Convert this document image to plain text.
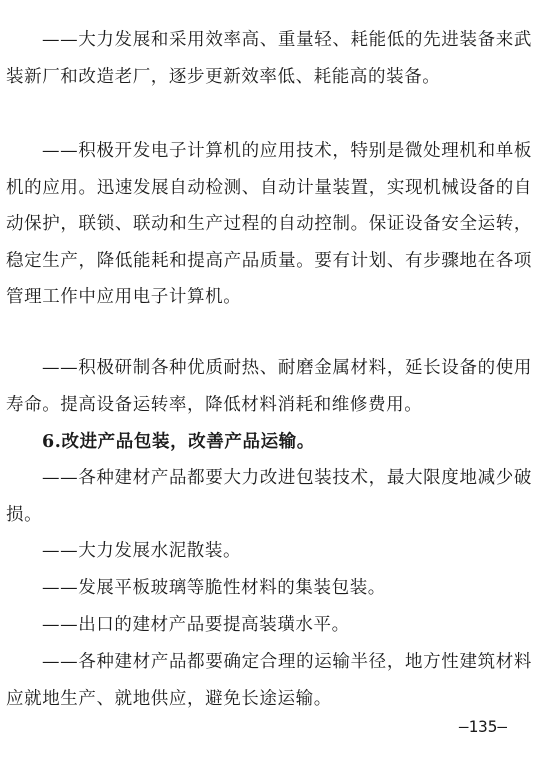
——大力发展和采用效率高、重量轻、耗能低的先进装备来武装新厂和改造老厂，逐步更新效率低、耗能高的装备。

——积极开发电子计算机的应用技术，特别是微处理机和单板机的应用。迅速发展自动检测、自动计量装置，实现机械设备的自动保护，联锁、联动和生产过程的自动控制。保证设备安全运转，稳定生产，降低能耗和提高产品质量。要有计划、有步骤地在各项管理工作中应用电子计算机。

——积极研制各种优质耐热、耐磨金属材料，延长设备的使用寿命。提高设备运转率，降低材料消耗和维修费用。

6.改进产品包装，改善产品运输。

——各种建材产品都要大力改进包装技术，最大限度地减少破损。

——大力发展水泥散装。

——发展平板玻璃等脆性材料的集装包装。

——出口的建材产品要提高装璜水平。

——各种建材产品都要确定合理的运输半径，地方性建筑材料应就地生产、就地供应，避免长途运输。

—135—
